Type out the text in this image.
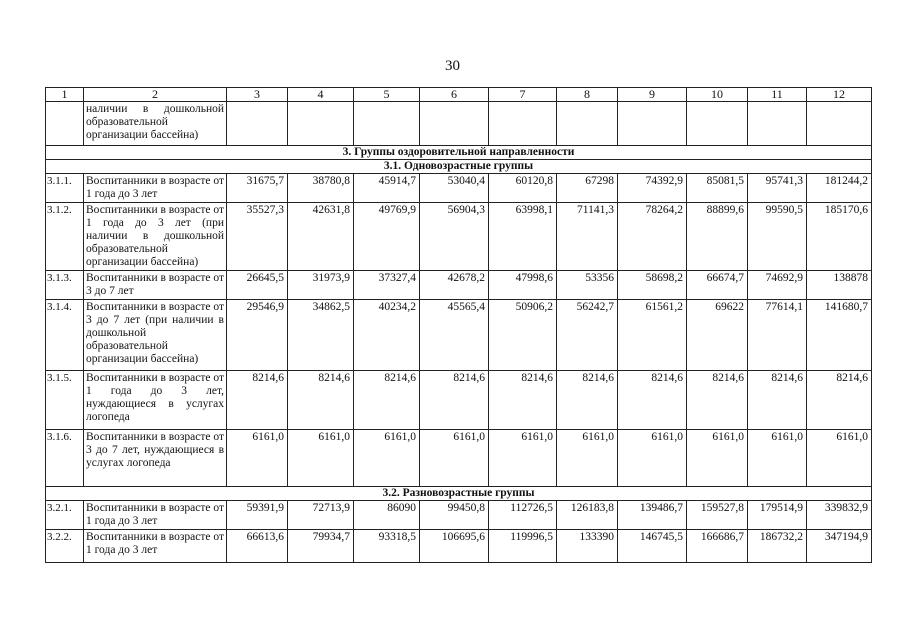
30
1	2	3	4	5	6	7	8	9	10	11	12
	наличии в дошкольной образовательной организации бассейна)										
3. Группы оздоровительной направленности											
3.1. Одновозрастные группы											
3.1.1.	Воспитанники в возрасте от 1 года до 3 лет	31675,7	38780,8	45914,7	53040,4	60120,8	67298	74392,9	85081,5	95741,3	181244,2
3.1.2.	Воспитанники в возрасте от 1 года до 3 лет (при наличии в дошкольной образовательной организации бассейна)	35527,3	42631,8	49769,9	56904,3	63998,1	71141,3	78264,2	88899,6	99590,5	185170,6
3.1.3.	Воспитанники в возрасте от 3 до 7 лет	26645,5	31973,9	37327,4	42678,2	47998,6	53356	58698,2	66674,7	74692,9	138878
3.1.4.	Воспитанники в возрасте от 3 до 7 лет (при наличии в дошкольной образовательной организации бассейна)	29546,9	34862,5	40234,2	45565,4	50906,2	56242,7	61561,2	69622	77614,1	141680,7
3.1.5.	Воспитанники в возрасте от 1 года до 3 лет, нуждающиеся в услугах логопеда	8214,6	8214,6	8214,6	8214,6	8214,6	8214,6	8214,6	8214,6	8214,6	8214,6
3.1.6.	Воспитанники в возрасте от 3 до 7 лет, нуждающиеся в услугах логопеда	6161,0	6161,0	6161,0	6161,0	6161,0	6161,0	6161,0	6161,0	6161,0	6161,0
3.2. Разновозрастные группы											
3.2.1.	Воспитанники в возрасте от 1 года до 3 лет	59391,9	72713,9	86090	99450,8	112726,5	126183,8	139486,7	159527,8	179514,9	339832,9
3.2.2.	Воспитанники в возрасте от 1 года до 3 лет	66613,6	79934,7	93318,5	106695,6	119996,5	133390	146745,5	166686,7	186732,2	347194,9
